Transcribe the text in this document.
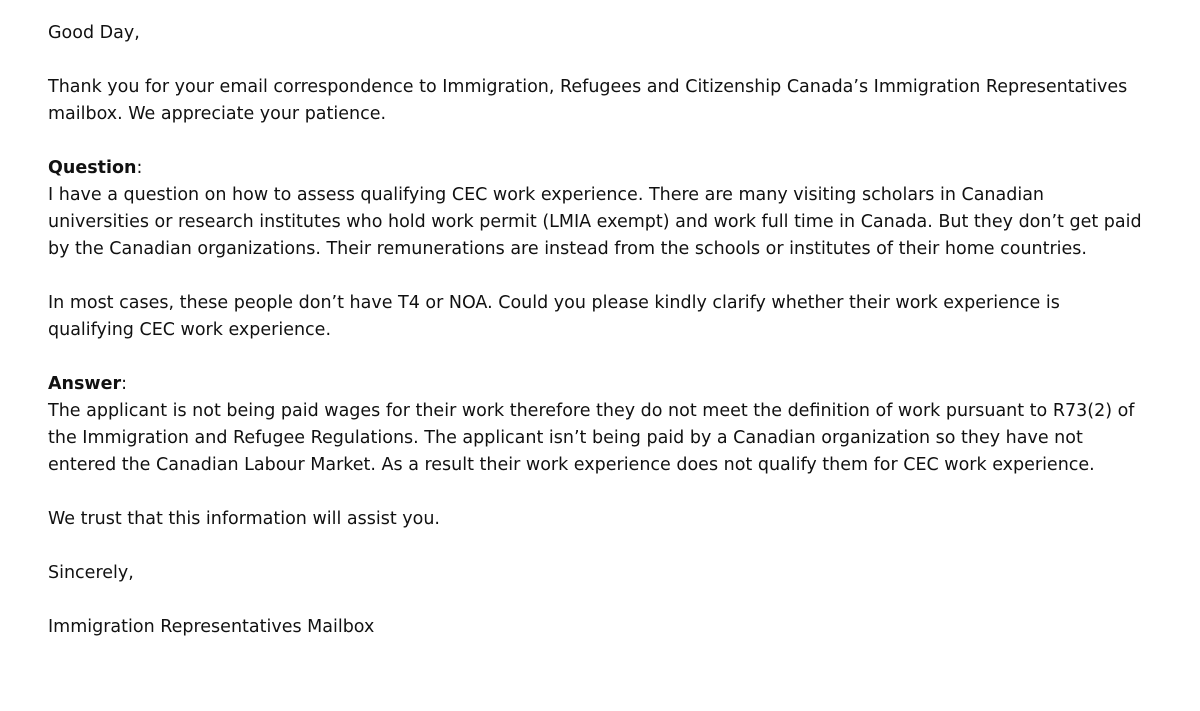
Good Day,

Thank you for your email correspondence to Immigration, Refugees and Citizenship Canada’s Immigration Representatives mailbox. We appreciate your patience.

Question:

I have a question on how to assess qualifying CEC work experience. There are many visiting scholars in Canadian universities or research institutes who hold work permit (LMIA exempt) and work full time in Canada. But they don’t get paid by the Canadian organizations. Their remunerations are instead from the schools or institutes of their home countries.

In most cases, these people don’t have T4 or NOA. Could you please kindly clarify whether their work experience is qualifying CEC work experience.

Answer:

The applicant is not being paid wages for their work therefore they do not meet the definition of work pursuant to R73(2) of the Immigration and Refugee Regulations. The applicant isn’t being paid by a Canadian organization so they have not entered the Canadian Labour Market. As a result their work experience does not qualify them for CEC work experience.

We trust that this information will assist you.

Sincerely,

Immigration Representatives Mailbox
